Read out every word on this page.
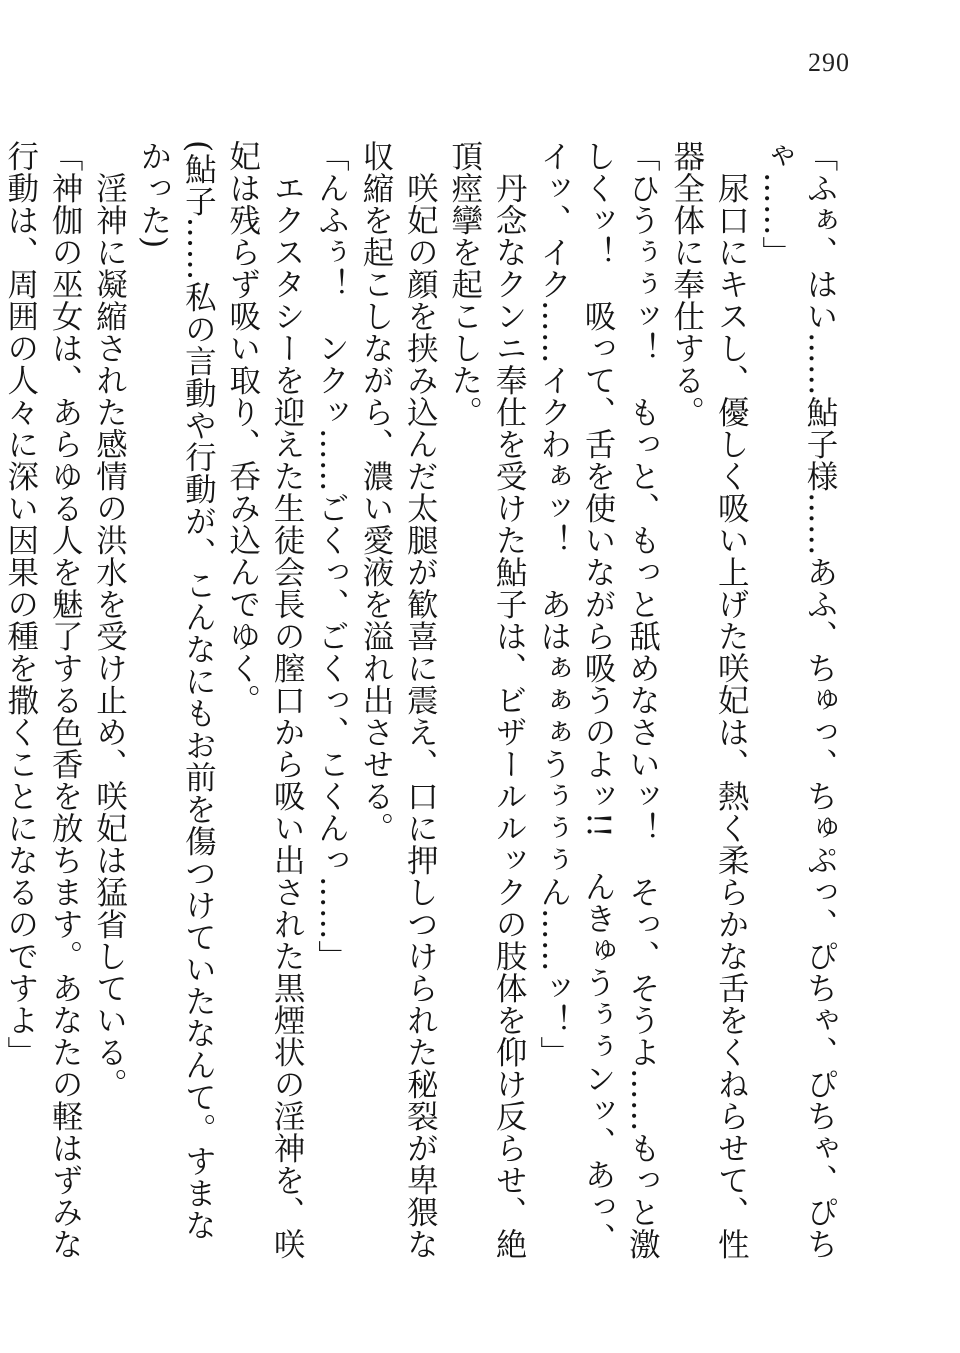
290

「ふぁ、はい……鮎子様……あふ、ちゅっ、ちゅぷっ、ぴちゃ、ぴちゃ、ぴちゃ……」

尿口にキスし、優しく吸い上げた咲妃は、熱く柔らかな舌をくねらせて、性器全体に奉仕する。

「ひうぅぅッ！　もっと、もっと舐めなさいッ！　そっ、そうよ……もっと激しくッ！　吸って、舌を使いながら吸うのよッ!!　んきゅうぅぅンッ、あっ、イッ、イク……イクわぁッ！　あはぁぁぁうぅぅぅん……ッ！」

丹念なクンニ奉仕を受けた鮎子は、ビザールルックの肢体を仰け反らせ、絶頂痙攣を起こした。

咲妃の顔を挟み込んだ太腿が歓喜に震え、口に押しつけられた秘裂が卑猥な収縮を起こしながら、濃い愛液を溢れ出させる。

「んふぅ！　ンクッ……ごくっ、ごくっ、こくんっ……」

エクスタシーを迎えた生徒会長の膣口から吸い出された黒煙状の淫神を、咲妃は残らず吸い取り、呑み込んでゆく。

(鮎子……私の言動や行動が、こんなにもお前を傷つけていたなんて。すまなかった)

淫神に凝縮された感情の洪水を受け止め、咲妃は猛省している。

「神伽の巫女は、あらゆる人を魅了する色香を放ちます。あなたの軽はずみな行動は、周囲の人々に深い因果の種を撒くことになるのですよ」
